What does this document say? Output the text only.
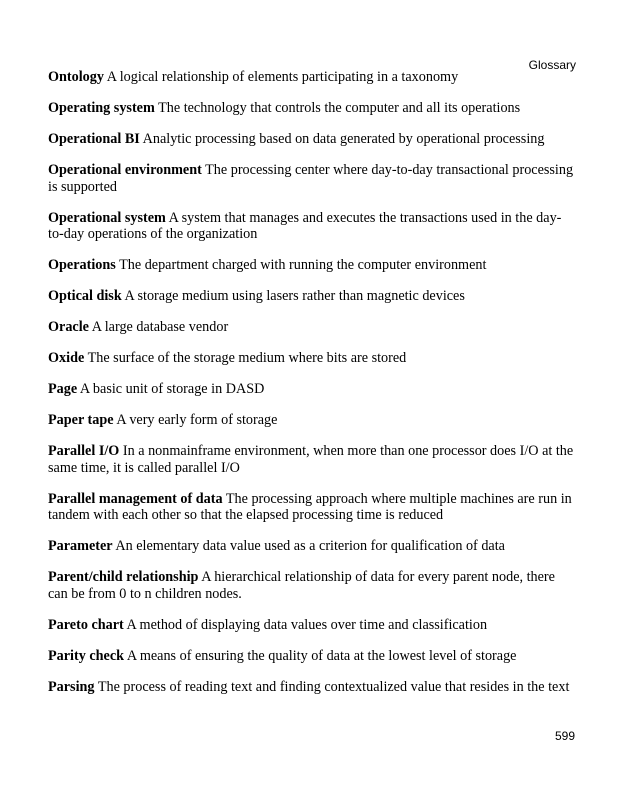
Glossary

Ontology A logical relationship of elements participating in a taxonomy

Operating system The technology that controls the computer and all its operations

Operational BI Analytic processing based on data generated by operational processing

Operational environment The processing center where day-to-day transactional processing is supported

Operational system A system that manages and executes the transactions used in the day-to-day operations of the organization

Operations The department charged with running the computer environment

Optical disk A storage medium using lasers rather than magnetic devices

Oracle A large database vendor

Oxide The surface of the storage medium where bits are stored

Page A basic unit of storage in DASD

Paper tape A very early form of storage

Parallel I/O In a nonmainframe environment, when more than one processor does I/O at the same time, it is called parallel I/O

Parallel management of data The processing approach where multiple machines are run in tandem with each other so that the elapsed processing time is reduced

Parameter An elementary data value used as a criterion for qualification of data

Parent/child relationship A hierarchical relationship of data for every parent node, there can be from 0 to n children nodes.

Pareto chart A method of displaying data values over time and classification

Parity check A means of ensuring the quality of data at the lowest level of storage

Parsing The process of reading text and finding contextualized value that resides in the text

599
